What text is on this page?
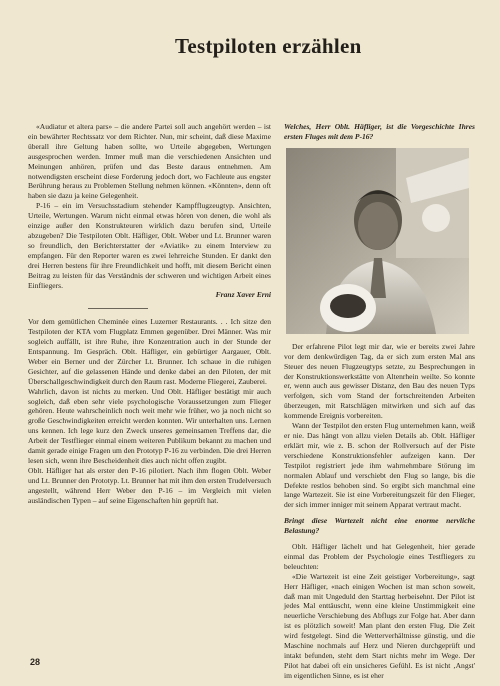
Testpiloten erzählen

«Audiatur et altera pars» – die andere Partei soll auch angehört werden – ist ein bewährter Rechtssatz vor dem Richter. Nun, mir scheint, daß diese Maxime überall ihre Geltung haben sollte, wo Urteile abgegeben, Wertungen ausgesprochen werden. Immer muß man die verschiedenen Ansichten und Meinungen anhören, prüfen und das Beste daraus entnehmen. Am notwendigsten erscheint diese Forderung jedoch dort, wo Fachleute aus engster Berührung heraus zu Problemen Stellung nehmen können. «Könnten», denn oft haben sie dazu ja keine Gelegenheit.

P-16 – ein im Versuchsstadium stehender Kampfflugzeugtyp. Ansichten, Urteile, Wertungen. Warum nicht einmal etwas hören von denen, die wohl als einzige außer den Konstrukteuren wirklich dazu berufen sind, Urteile abzugeben? Die Testpiloten Oblt. Häfliger, Oblt. Weber und Lt. Brunner waren so freundlich, den Berichterstatter der «Aviatik» zu einem Interview zu empfangen. Für den Reporter waren es zwei lehrreiche Stunden. Er dankt den drei Herren bestens für ihre Freundlichkeit und hofft, mit diesem Bericht einen Beitrag zu leisten für das Verständnis der schweren und wichtigen Arbeit eines Einfliegers.

Franz Xaver Erni

Vor dem gemütlichen Cheminée eines Luzerner Restaurants. . . Ich sitze den Testpiloten der KTA vom Flugplatz Emmen gegenüber. Drei Männer. Was mir sogleich auffällt, ist ihre Ruhe, ihre Konzentration auch in der Stunde der Entspannung. Im Gespräch. Oblt. Häfliger, ein gebürtiger Aargauer, Oblt. Weber ein Berner und der Zürcher Lt. Brunner. Ich schaue in die ruhigen Gesichter, auf die gelassenen Hände und denke dabei an den Piloten, der mit Überschallgeschwindigkeit durch den Raum rast. Moderne Fliegerei, Zauberei.

Wahrlich, davon ist nichts zu merken. Und Oblt. Häfliger bestätigt mir auch sogleich, daß eben sehr viele psychologische Voraussetzungen zum Flieger gehören. Heute wahrscheinlich noch weit mehr wie früher, wo ja noch nicht so große Geschwindigkeiten erreicht werden konnten. Wir unterhalten uns. Lernen uns kennen. Ich lege kurz den Zweck unseres gemeinsamen Treffens dar, die Arbeit der Testflieger einmal einem weiteren Publikum bekannt zu machen und damit gerade einige Fragen um den Prototyp P-16 zu verbinden. Die drei Herren lesen sich, wenn ihre Bescheidenheit dies auch nicht offen zugibt.

Oblt. Häfliger hat als erster den P-16 pilotiert. Nach ihm flogen Oblt. Weber und Lt. Brunner den Prototyp. Lt. Brunner hat mit ihm den ersten Trudelversuch angestellt, während Herr Weber den P-16 – im Vergleich mit vielen ausländischen Typen – auf seine Eigenschaften hin geprüft hat.

Welches, Herr Oblt. Häfliger, ist die Vorgeschichte Ihres ersten Fluges mit dem P-16?

Der erfahrene Pilot legt mir dar, wie er bereits zwei Jahre vor dem denkwürdigen Tag, da er sich zum ersten Mal ans Steuer des neuen Flugzeugtyps setzte, zu Besprechungen in der Konstruktionswerkstätte von Altenrhein weilte. So konnte er, wenn auch aus gewisser Distanz, den Bau des neuen Typs verfolgen, sich vom Stand der fortschreitenden Arbeiten überzeugen, mit Ratschlägen mitwirken und sich auf das kommende Ereignis vorbereiten.

Wann der Testpilot den ersten Flug unternehmen kann, weiß er nie. Das hängt von allzu vielen Details ab. Oblt. Häfliger erklärt mir, wie z. B. schon der Rollversuch auf der Piste verschiedene Konstruktionsfehler aufzeigen kann. Der Testpilot registriert jede ihm wahrnehmbare Störung im normalen Ablauf und verschiebt den Flug so lange, bis die Defekte restlos behoben sind. So ergibt sich manchmal eine lange Wartezeit. Sie ist eine Vorbereitungszeit für den Flieger, der sich immer inniger mit seinem Apparat vertraut macht.

Bringt diese Wartezeit nicht eine enorme nervliche Belastung?

Oblt. Häfliger lächelt und hat Gelegenheit, hier gerade einmal das Problem der Psychologie eines Testfliegers zu beleuchten:

«Die Wartezeit ist eine Zeit geistiger Vorbereitung», sagt Herr Häfliger, «nach einigen Wochen ist man schon soweit, daß man mit Ungeduld den Starttag herbeisehnt. Der Pilot ist jedes Mal enttäuscht, wenn eine kleine Unstimmigkeit eine neuerliche Verschiebung des Abflugs zur Folge hat. Aber dann ist es plötzlich soweit! Man plant den ersten Flug. Die Zeit wird festgelegt. Sind die Wetterverhältnisse günstig, und die Maschine nochmals auf Herz und Nieren durchgeprüft und intakt befunden, steht dem Start nichts mehr im Wege. Der Pilot hat dabei oft ein unsicheres Gefühl. Es ist nicht ‚Angst' im eigentlichen Sinne, es ist eher

28
